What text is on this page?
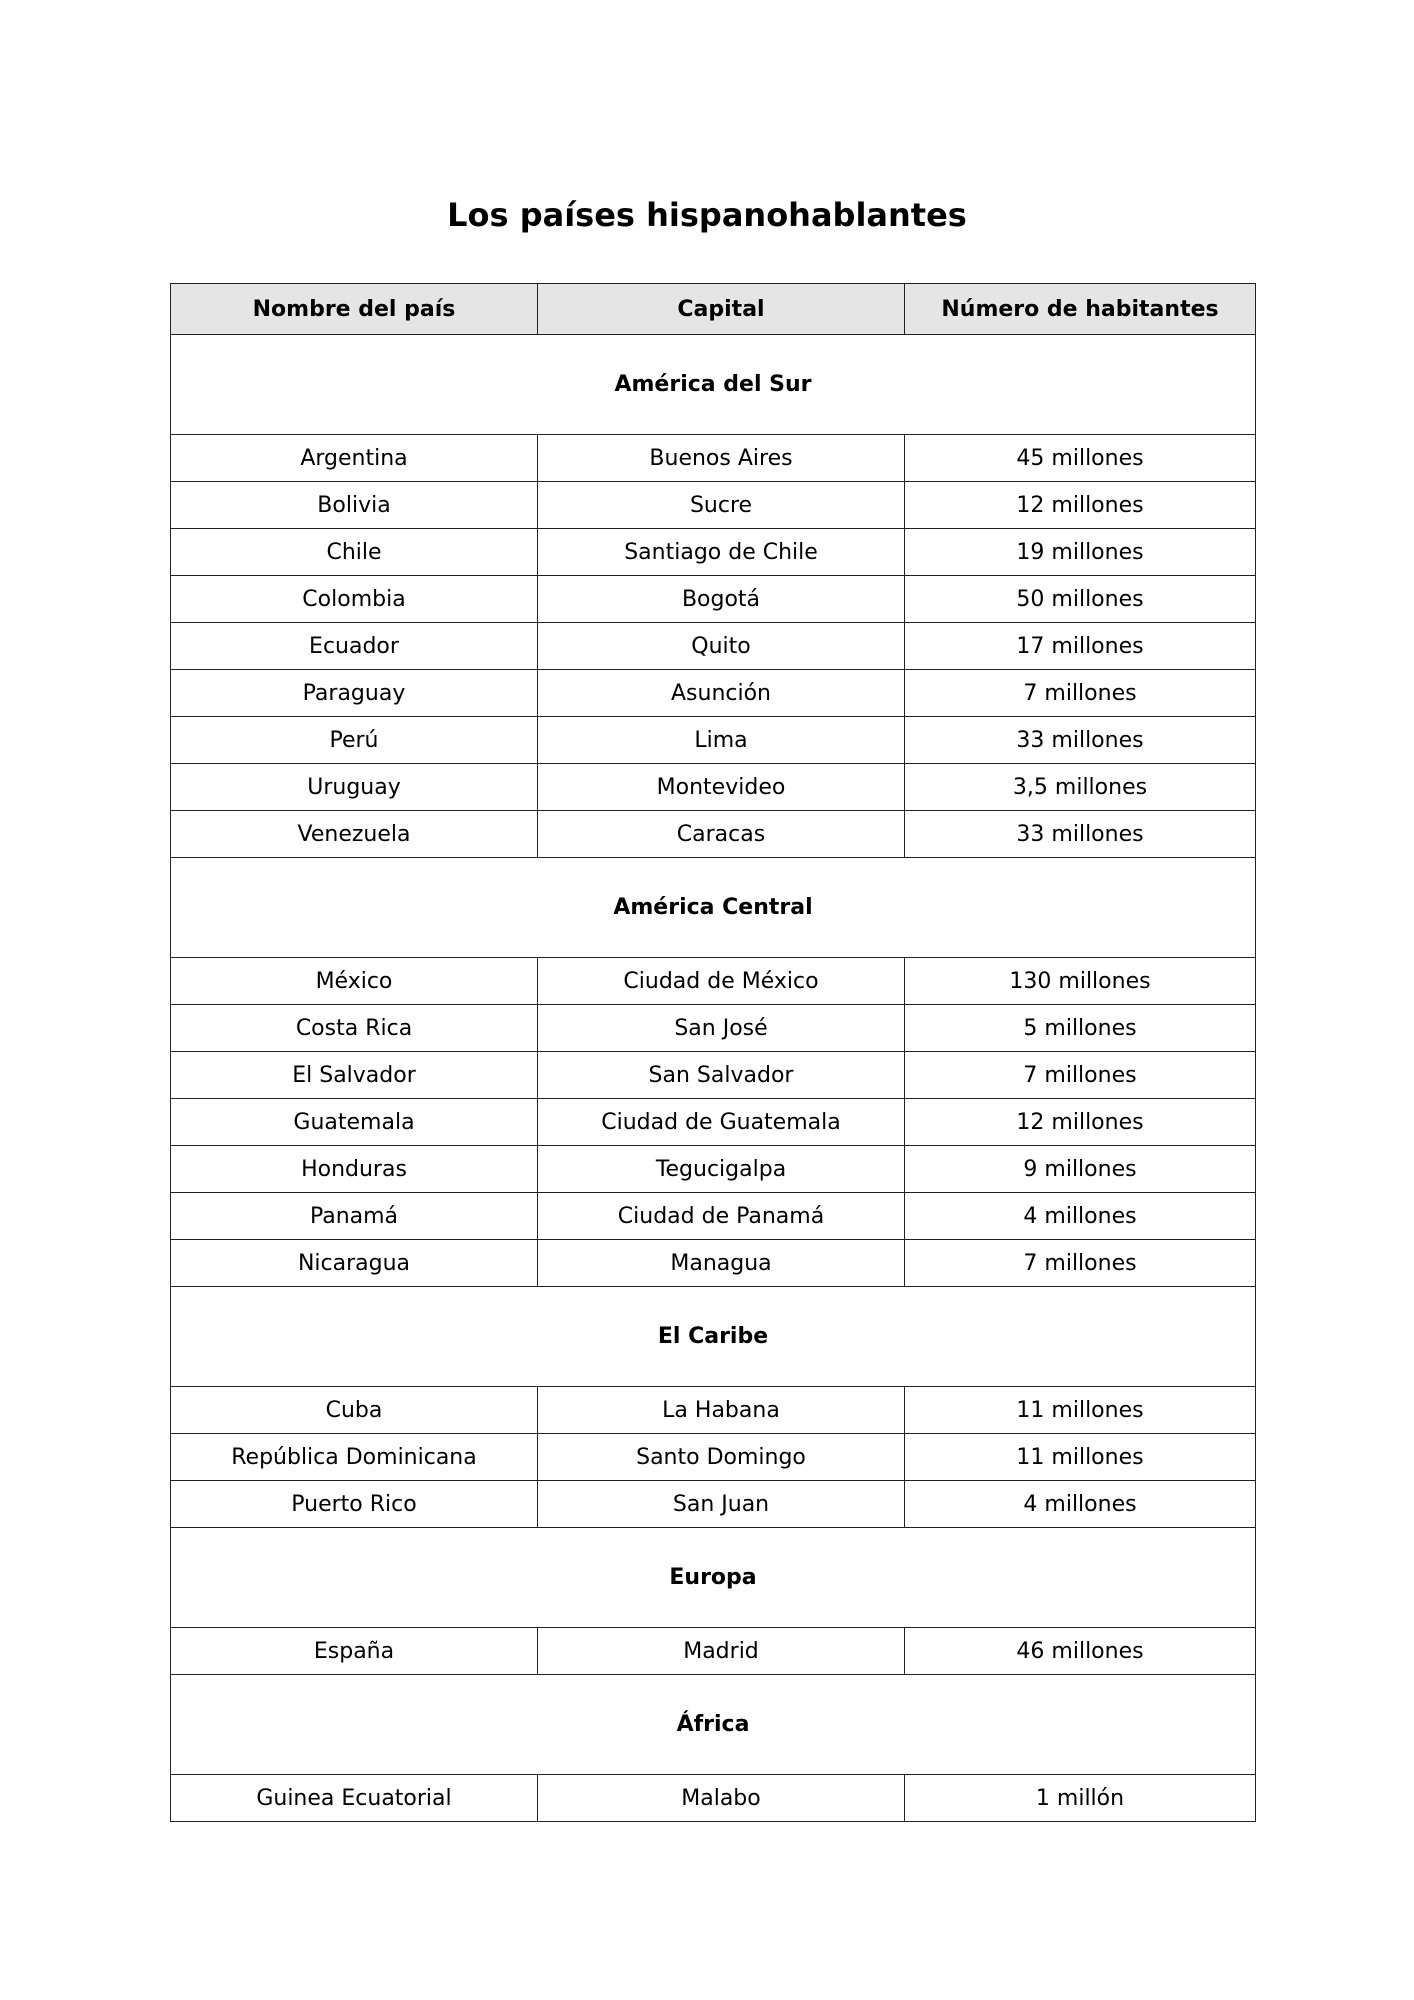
Los países hispanohablantes
Nombre del país	Capital	Número de habitantes
América del Sur		
Argentina	Buenos Aires	45 millones
Bolivia	Sucre	12 millones
Chile	Santiago de Chile	19 millones
Colombia	Bogotá	50 millones
Ecuador	Quito	17 millones
Paraguay	Asunción	7 millones
Perú	Lima	33 millones
Uruguay	Montevideo	3,5 millones
Venezuela	Caracas	33 millones
América Central		
México	Ciudad de México	130 millones
Costa Rica	San José	5 millones
El Salvador	San Salvador	7 millones
Guatemala	Ciudad de Guatemala	12 millones
Honduras	Tegucigalpa	9 millones
Panamá	Ciudad de Panamá	4 millones
Nicaragua	Managua	7 millones
El Caribe		
Cuba	La Habana	11 millones
República Dominicana	Santo Domingo	11 millones
Puerto Rico	San Juan	4 millones
Europa		
España	Madrid	46 millones
África		
Guinea Ecuatorial	Malabo	1 millón
